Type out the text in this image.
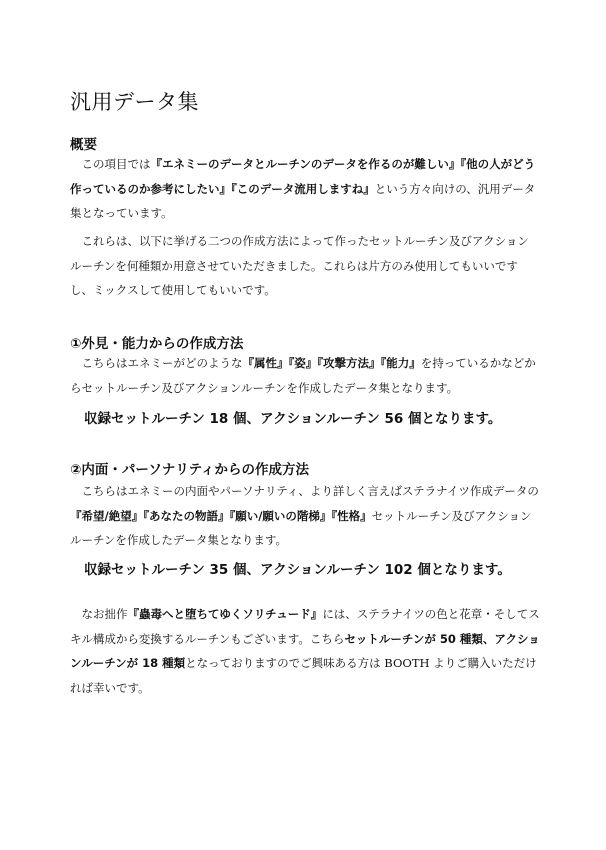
汎用データ集

概要

この項目では『エネミーのデータとルーチンのデータを作るのが難しい』『他の人がどう作っているのか参考にしたい』『このデータ流用しますね』という方々向けの、汎用データ集となっています。

これらは、以下に挙げる二つの作成方法によって作ったセットルーチン及びアクションルーチンを何種類か用意させていただきました。これらは片方のみ使用してもいいですし、ミックスして使用してもいいです。

①外見・能力からの作成方法

こちらはエネミーがどのような『属性』『姿』『攻撃方法』『能力』を持っているかなどからセットルーチン及びアクションルーチンを作成したデータ集となります。

収録セットルーチン 18 個、アクションルーチン 56 個となります。

②内面・パーソナリティからの作成方法

こちらはエネミーの内面やパーソナリティ、より詳しく言えばステラナイツ作成データの『希望/絶望』『あなたの物語』『願い/願いの階梯』『性格』セットルーチン及びアクションルーチンを作成したデータ集となります。

収録セットルーチン 35 個、アクションルーチン 102 個となります。

なお拙作『蟲毒へと堕ちてゆくソリチュード』には、ステラナイツの色と花章・そしてスキル構成から変換するルーチンもございます。こちらセットルーチンが 50 種類、アクションルーチンが 18 種類となっておりますのでご興味ある方は BOOTH よりご購入いただければ幸いです。
